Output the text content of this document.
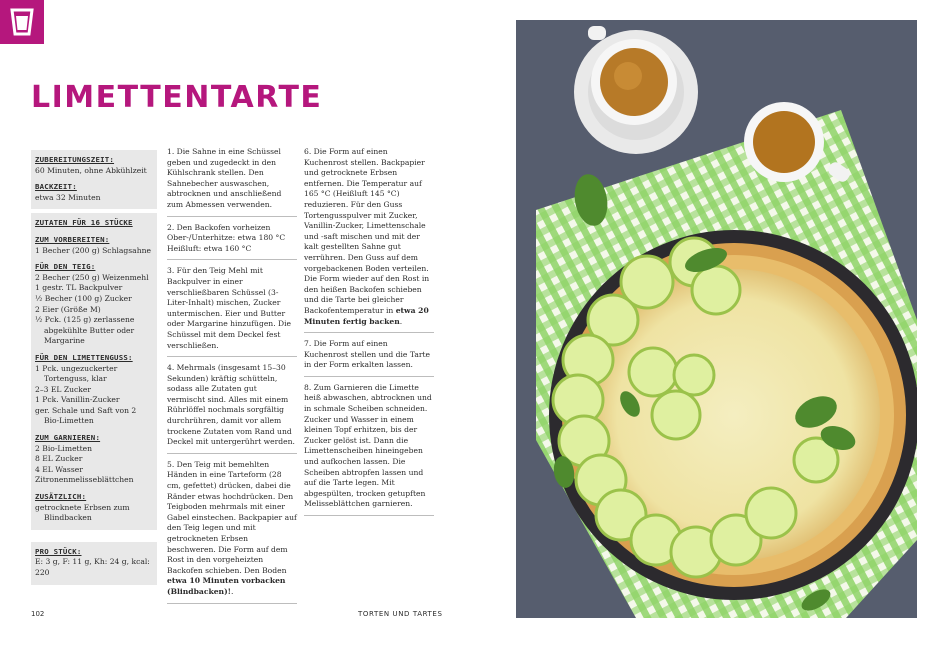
LIMETTENTARTE
ZUBEREITUNGSZEIT:
60 Minuten, ohne Abkühlzeit
BACKZEIT:
etwa 32 Minuten
ZUTATEN FÜR 16 STÜCKE
ZUM VORBEREITEN:
1 Becher (200 g) Schlagsahne
FÜR DEN TEIG:
2 Becher (250 g) Weizenmehl
1 gestr. TL Backpulver
½ Becher (100 g) Zucker
2 Eier (Größe M)
½ Pck. (125 g) zerlassene abgekühlte Butter oder Margarine
FÜR DEN LIMETTENGUSS:
1 Pck. ungezuckerter Tortenguss, klar
2–3 EL Zucker
1 Pck. Vanillin-Zucker
ger. Schale und Saft von 2 Bio-Limetten
ZUM GARNIEREN:
2 Bio-Limetten
8 EL Zucker
4 EL Wasser
Zitronenmelisseblättchen
ZUSÄTZLICH:
getrocknete Erbsen zum Blindbacken
PRO STÜCK:
E: 3 g, F: 11 g, Kh: 24 g, kcal: 220
1. Die Sahne in eine Schüssel geben und zugedeckt in den Kühlschrank stellen. Den Sahnebecher auswaschen, abtrocknen und anschließend zum Abmessen verwenden.
2. Den Backofen vorheizen Ober-/Unterhitze: etwa 180 °C Heißluft: etwa 160 °C
3. Für den Teig Mehl mit Backpulver in einer verschließbaren Schüssel (3-Liter-Inhalt) mischen, Zucker untermischen. Eier und Butter oder Margarine hinzufügen. Die Schüssel mit dem Deckel fest verschließen.
4. Mehrmals (insgesamt 15–30 Sekunden) kräftig schütteln, sodass alle Zutaten gut vermischt sind. Alles mit einem Rührlöffel nochmals sorgfältig durchrühren, damit vor allem trockene Zutaten vom Rand und Deckel mit untergerührt werden.
5. Den Teig mit bemehlten Händen in eine Tarteform (28 cm, gefettet) drücken, dabei die Ränder etwas hochdrücken. Den Teigboden mehrmals mit einer Gabel einstechen. Backpapier auf den Teig legen und mit getrockneten Erbsen beschweren. Die Form auf dem Rost in den vorgeheizten Backofen schieben. Den Boden etwa 10 Minuten vorbacken (Blindbacken)!.
6. Die Form auf einen Kuchenrost stellen. Backpapier und getrocknete Erbsen entfernen. Die Temperatur auf 165 °C (Heißluft 145 °C) reduzieren. Für den Guss Tortengusspulver mit Zucker, Vanillin-Zucker, Limettenschale und -saft mischen und mit der kalt gestellten Sahne gut verrühren. Den Guss auf dem vorgebackenen Boden verteilen. Die Form wieder auf den Rost in den heißen Backofen schieben und die Tarte bei gleicher Backofentemperatur in etwa 20 Minuten fertig backen.
7. Die Form auf einen Kuchenrost stellen und die Tarte in der Form erkalten lassen.
8. Zum Garnieren die Limette heiß abwaschen, abtrocknen und in schmale Scheiben schneiden. Zucker und Wasser in einem kleinen Topf erhitzen, bis der Zucker gelöst ist. Dann die Limettenscheiben hineingeben und aufkochen lassen. Die Scheiben abtropfen lassen und auf die Tarte legen. Mit abgespülten, trocken getupften Melisseblättchen garnieren.
102	TORTEN UND TARTES
